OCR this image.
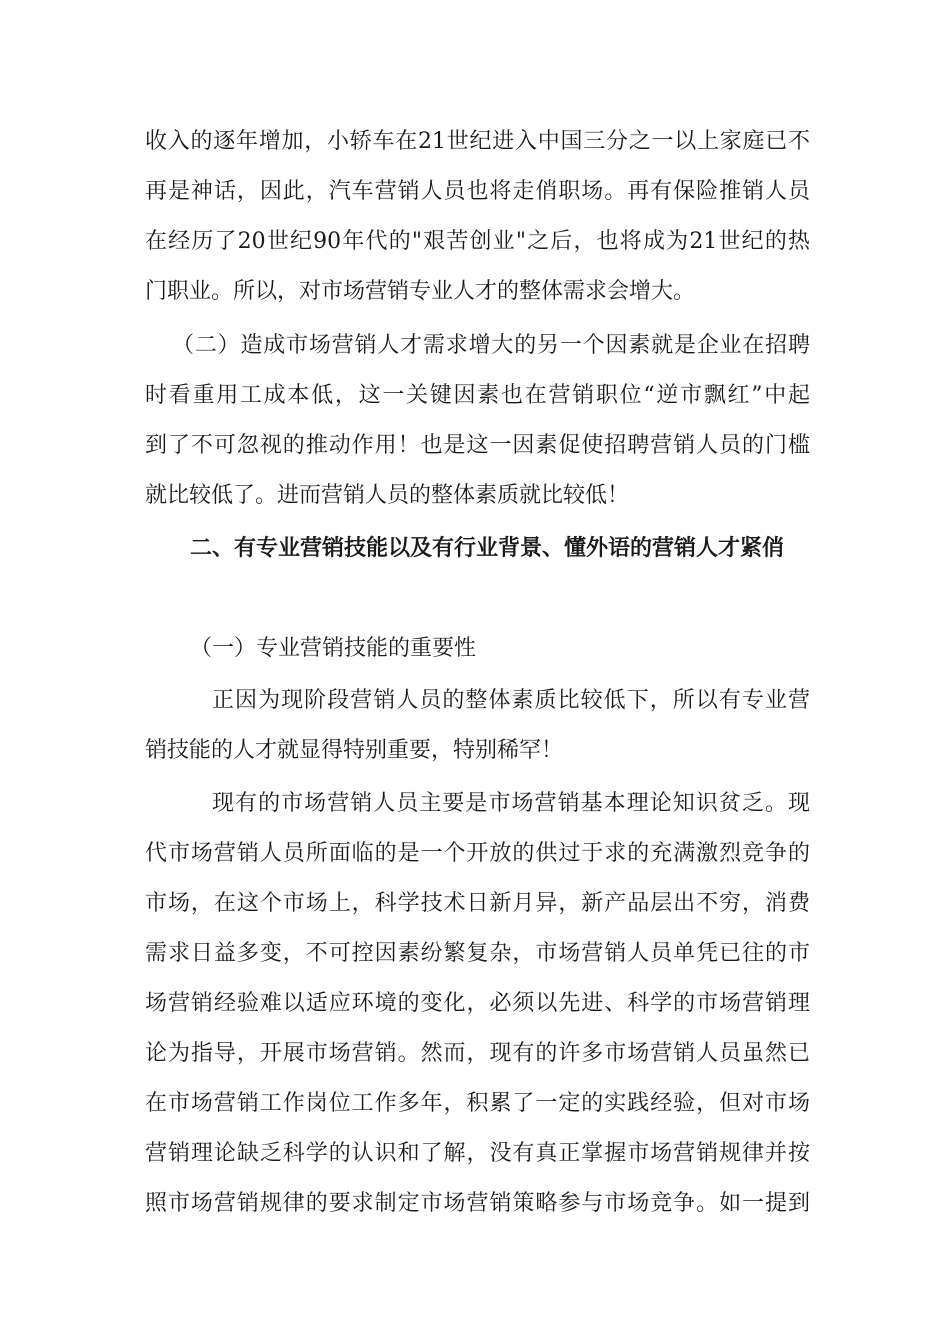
收入的逐年增加，小轿车在21世纪进入中国三分之一以上家庭已不
再是神话，因此，汽车营销人员也将走俏职场。再有保险推销人员
在经历了20世纪90年代的"艰苦创业"之后，也将成为21世纪的热
门职业。所以，对市场营销专业人才的整体需求会增大。
（二）造成市场营销人才需求增大的另一个因素就是企业在招聘
时看重用工成本低，这一关键因素也在营销职位“逆市飘红”中起
到了不可忽视的推动作用！也是这一因素促使招聘营销人员的门槛
就比较低了。进而营销人员的整体素质就比较低！
二、有专业营销技能以及有行业背景、懂外语的营销人才紧俏
（一）专业营销技能的重要性
正因为现阶段营销人员的整体素质比较低下，所以有专业营
销技能的人才就显得特别重要，特别稀罕！
现有的市场营销人员主要是市场营销基本理论知识贫乏。现
代市场营销人员所面临的是一个开放的供过于求的充满激烈竞争的
市场，在这个市场上，科学技术日新月异，新产品层出不穷，消费
需求日益多变，不可控因素纷繁复杂，市场营销人员单凭已往的市
场营销经验难以适应环境的变化，必须以先进、科学的市场营销理
论为指导，开展市场营销。然而，现有的许多市场营销人员虽然已
在市场营销工作岗位工作多年，积累了一定的实践经验，但对市场
营销理论缺乏科学的认识和了解，没有真正掌握市场营销规律并按
照市场营销规律的要求制定市场营销策略参与市场竞争。如一提到
